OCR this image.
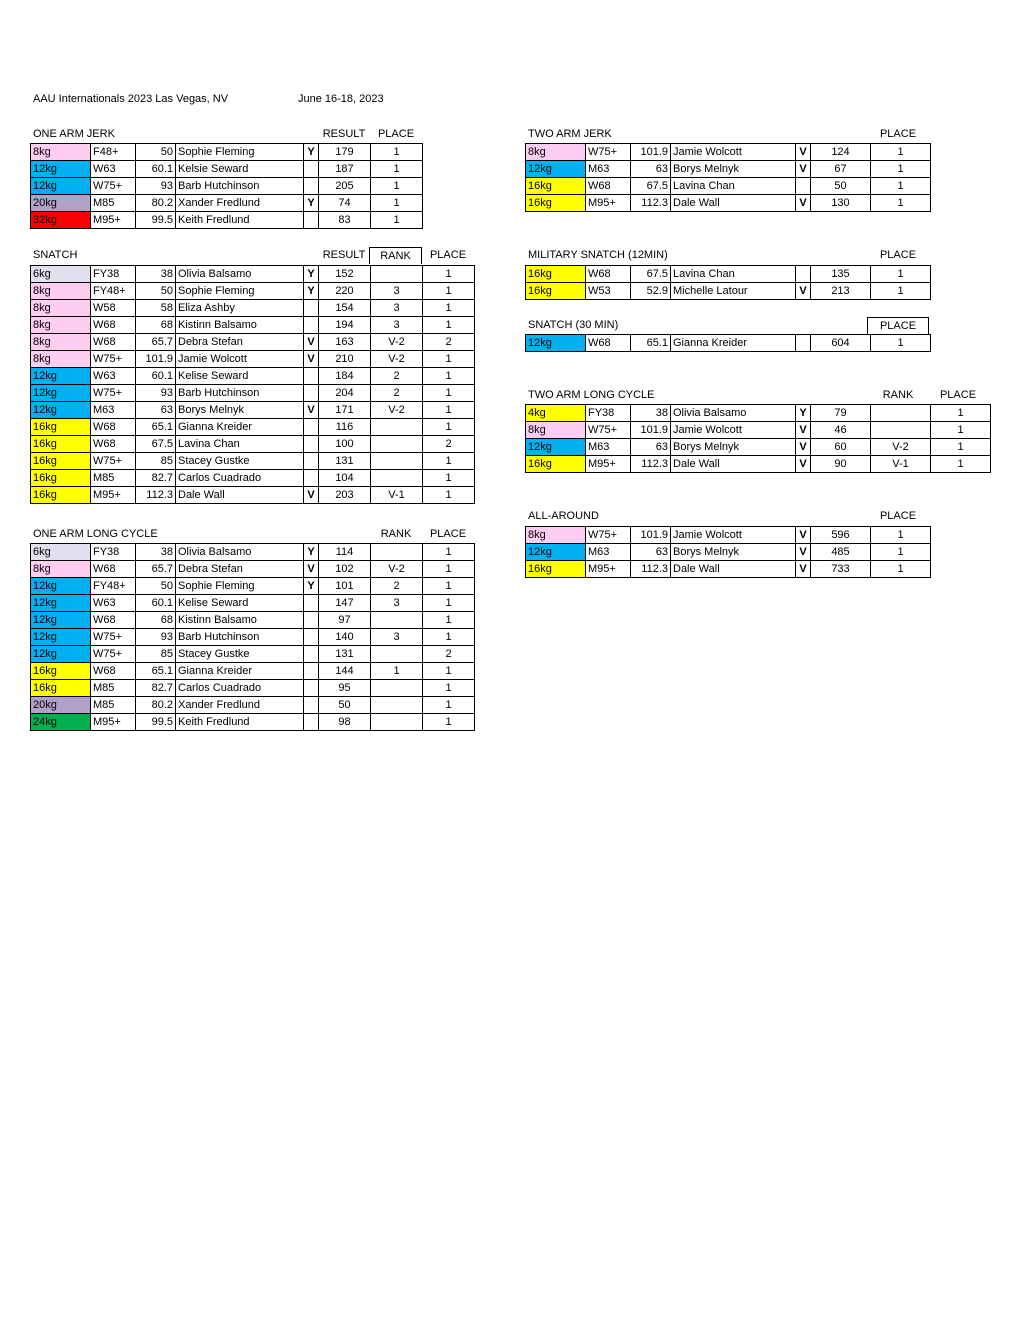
AAU Internationals 2023 Las Vegas, NV	June 16-18, 2023
ONE ARM JERK	RESULT	PLACE
8kg	F48+	50	Sophie Fleming	Y	179	1
12kg	W63	60.1	Kelsie Seward		187	1
12kg	W75+	93	Barb Hutchinson		205	1
20kg	M85	80.2	Xander Fredlund	Y	74	1
32kg	M95+	99.5	Keith Fredlund		83	1
SNATCH	RESULT	RANK	PLACE
6kg	FY38	38	Olivia Balsamo	Y	152		1
8kg	FY48+	50	Sophie Fleming	Y	220	3	1
8kg	W58	58	Eliza Ashby		154	3	1
8kg	W68	68	Kistinn Balsamo		194	3	1
8kg	W68	65.7	Debra Stefan	V	163	V-2	2
8kg	W75+	101.9	Jamie Wolcott	V	210	V-2	1
12kg	W63	60.1	Kelise Seward		184	2	1
12kg	W75+	93	Barb Hutchinson		204	2	1
12kg	M63	63	Borys Melnyk	V	171	V-2	1
16kg	W68	65.1	Gianna Kreider		116		1
16kg	W68	67.5	Lavina Chan		100		2
16kg	W75+	85	Stacey Gustke		131		1
16kg	M85	82.7	Carlos Cuadrado		104		1
16kg	M95+	112.3	Dale Wall	V	203	V-1	1
ONE ARM LONG CYCLE	RANK	PLACE
6kg	FY38	38	Olivia Balsamo	Y	114		1
8kg	W68	65.7	Debra Stefan	V	102	V-2	1
12kg	FY48+	50	Sophie Fleming	Y	101	2	1
12kg	W63	60.1	Kelise Seward		147	3	1
12kg	W68	68	Kistinn Balsamo		97		1
12kg	W75+	93	Barb Hutchinson		140	3	1
12kg	W75+	85	Stacey Gustke		131		2
16kg	W68	65.1	Gianna Kreider		144	1	1
16kg	M85	82.7	Carlos Cuadrado		95		1
20kg	M85	80.2	Xander Fredlund		50		1
24kg	M95+	99.5	Keith Fredlund		98		1
TWO ARM JERK	PLACE
8kg	W75+	101.9	Jamie Wolcott	V	124	1
12kg	M63	63	Borys Melnyk	V	67	1
16kg	W68	67.5	Lavina Chan		50	1
16kg	M95+	112.3	Dale Wall	V	130	1
MILITARY SNATCH (12MIN)	PLACE
16kg	W68	67.5	Lavina Chan		135	1
16kg	W53	52.9	Michelle Latour	V	213	1
SNATCH (30 MIN)	PLACE
12kg	W68	65.1	Gianna Kreider		604	1
TWO ARM LONG CYCLE	RANK	PLACE
4kg	FY38	38	Olivia Balsamo	Y	79		1
8kg	W75+	101.9	Jamie Wolcott	V	46		1
12kg	M63	63	Borys Melnyk	V	60	V-2	1
16kg	M95+	112.3	Dale Wall	V	90	V-1	1
ALL-AROUND	PLACE
8kg	W75+	101.9	Jamie Wolcott	V	596	1
12kg	M63	63	Borys Melnyk	V	485	1
16kg	M95+	112.3	Dale Wall	V	733	1
